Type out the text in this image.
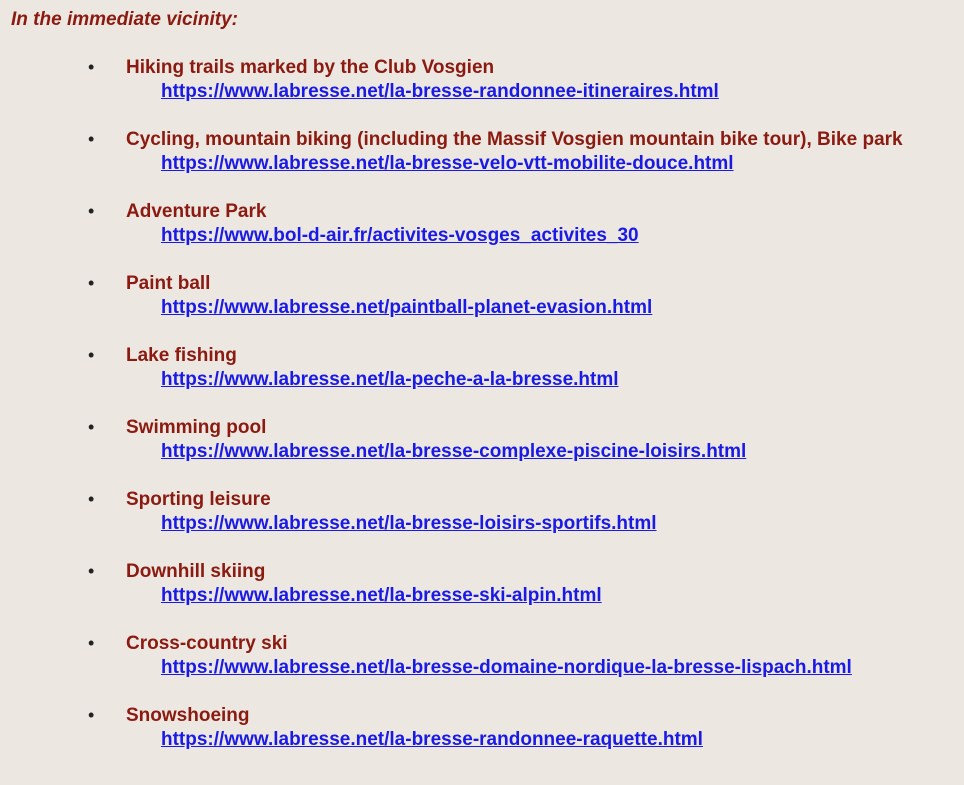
In the immediate vicinity:
• Hiking trails marked by the Club Vosgien
https://www.labresse.net/la-bresse-randonnee-itineraires.html
• Cycling, mountain biking (including the Massif Vosgien mountain bike tour), Bike park
https://www.labresse.net/la-bresse-velo-vtt-mobilite-douce.html
• Adventure Park
https://www.bol-d-air.fr/activites-vosges_activites_30
• Paint ball
https://www.labresse.net/paintball-planet-evasion.html
• Lake fishing
https://www.labresse.net/la-peche-a-la-bresse.html
• Swimming pool
https://www.labresse.net/la-bresse-complexe-piscine-loisirs.html
• Sporting leisure
https://www.labresse.net/la-bresse-loisirs-sportifs.html
• Downhill skiing
https://www.labresse.net/la-bresse-ski-alpin.html
• Cross-country ski
https://www.labresse.net/la-bresse-domaine-nordique-la-bresse-lispach.html
• Snowshoeing
https://www.labresse.net/la-bresse-randonnee-raquette.html
